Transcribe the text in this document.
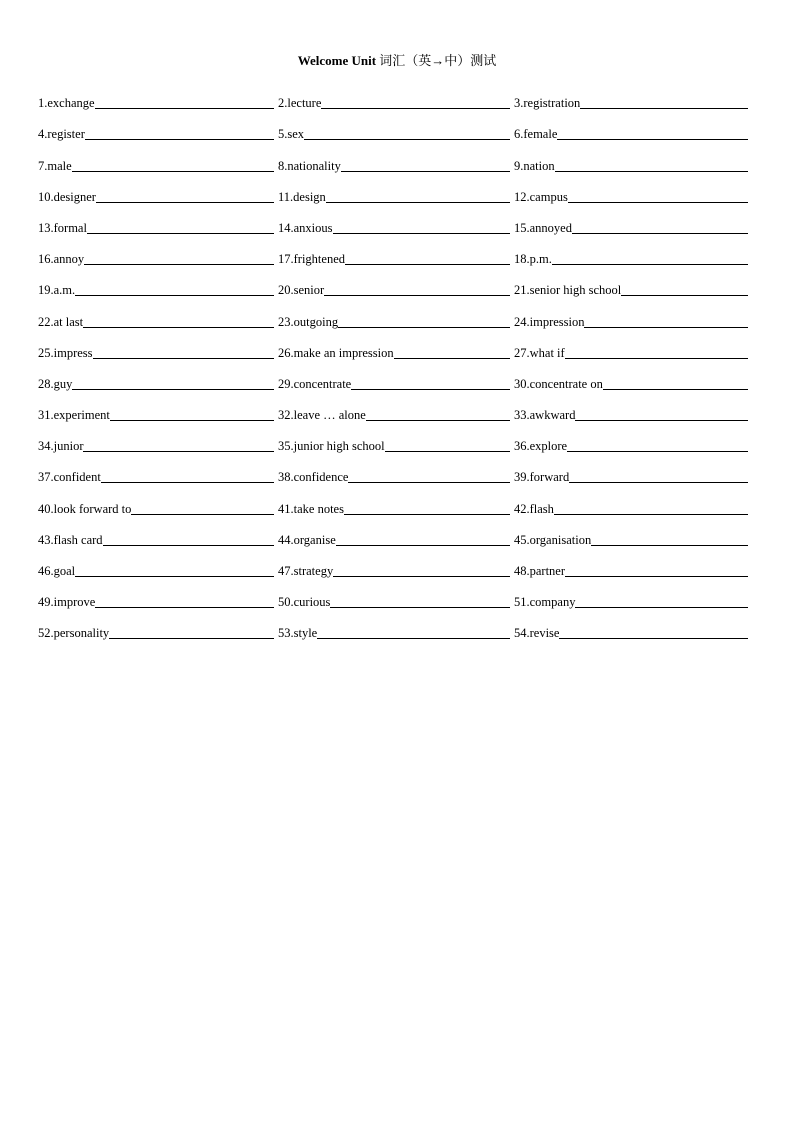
Welcome Unit 词汇（英→中）测试
1. exchange	2. lecture	3. registration
4. register	5. sex	6. female
7. male	8. nationality	9. nation
10. designer	11. design	12. campus
13. formal	14. anxious	15. annoyed
16. annoy	17. frightened	18. p.m.
19. a.m.	20. senior	21. senior high school
22. at last	23. outgoing	24. impression
25. impress	26. make an impression	27. what if
28. guy	29. concentrate	30. concentrate on
31. experiment	32. leave … alone	33. awkward
34. junior	35. junior high school	36. explore
37. confident	38. confidence	39. forward
40. look forward to	41. take notes	42. flash
43. flash card	44. organise	45. organisation
46. goal	47. strategy	48. partner
49. improve	50. curious	51. company
52. personality	53. style	54. revise
